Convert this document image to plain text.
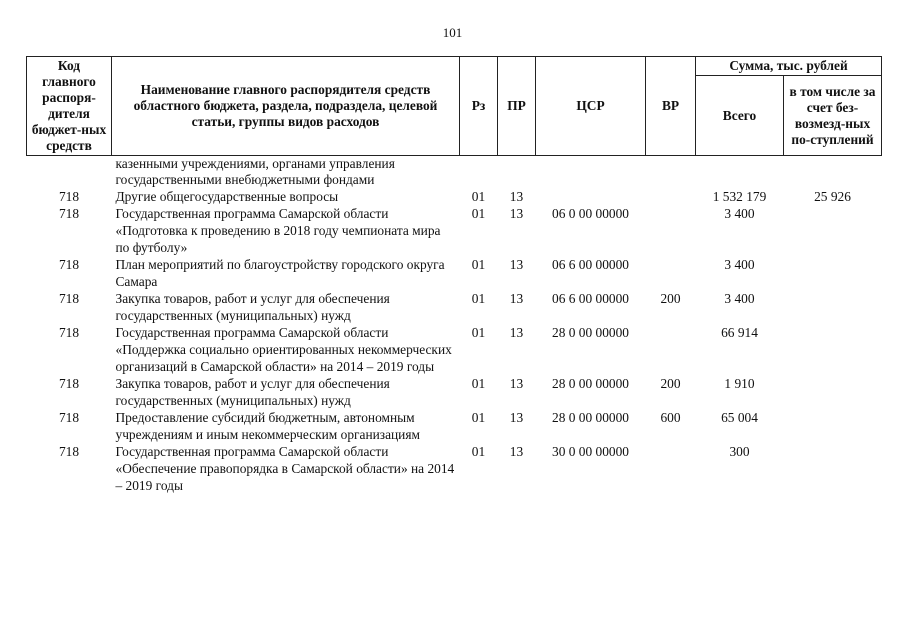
101
Код главного распоря-дителя бюджет-ных средств	Наименование главного распорядителя средств областного бюджета, раздела, подраздела, целевой статьи, группы видов расходов	Рз	ПР	ЦСР	ВР	Сумма, тыс. рублей	
						Всего	в том числе за счет без-возмезд-ных по-ступлений
	казенными учреждениями, органами управления государственными внебюджетными фондами						
718	Другие общегосударственные вопросы	01	13			1 532 179	25 926
718	Государственная программа Самарской области «Подготовка к проведению в 2018 году чемпионата мира по футболу»	01	13	06 0 00 00000		3 400	
718	План мероприятий по благоустройству городского округа Самара	01	13	06 6 00 00000		3 400	
718	Закупка товаров, работ и услуг для обеспечения государственных (муниципальных) нужд	01	13	06 6 00 00000	200	3 400	
718	Государственная программа Самарской области «Поддержка социально ориентированных некоммерческих организаций в Самарской области» на 2014 – 2019 годы	01	13	28 0 00 00000		66 914	
718	Закупка товаров, работ и услуг для обеспечения государственных (муниципальных) нужд	01	13	28 0 00 00000	200	1 910	
718	Предоставление субсидий бюджетным, автономным учреждениям и иным некоммерческим организациям	01	13	28 0 00 00000	600	65 004	
718	Государственная программа Самарской области «Обеспечение правопорядка в Самарской области» на 2014 – 2019 годы	01	13	30 0 00 00000		300	
